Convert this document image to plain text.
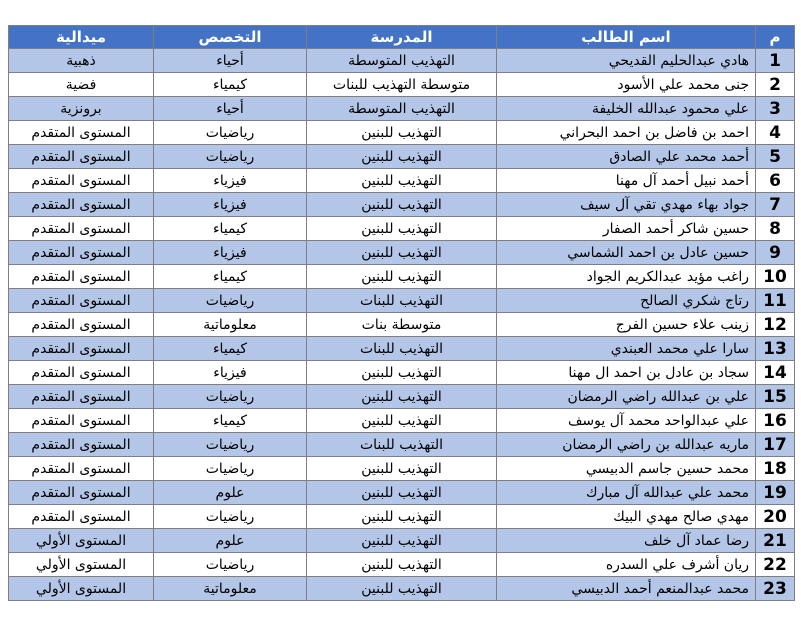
م	اسم الطالب	المدرسة	التخصص	ميدالية
1	هادي عبدالحليم القديحي	التهذيب المتوسطة	أحياء	ذهبية
2	جنى محمد علي الأسود	متوسطة التهذيب للبنات	كيمياء	فضية
3	علي محمود عبدالله الخليفة	التهذيب المتوسطة	أحياء	برونزية
4	احمد بن فاضل بن احمد البحراني	التهذيب للبنين	رياضيات	المستوى المتقدم
5	أحمد محمد علي الصادق	التهذيب للبنين	رياضيات	المستوى المتقدم
6	أحمد نبيل أحمد آل مهنا	التهذيب للبنين	فيزياء	المستوى المتقدم
7	جواد بهاء مهدي تقي آل سيف	التهذيب للبنين	فيزياء	المستوى المتقدم
8	حسين شاكر أحمد الصفار	التهذيب للبنين	كيمياء	المستوى المتقدم
9	حسين عادل بن احمد الشماسي	التهذيب للبنين	فيزياء	المستوى المتقدم
10	راغب مؤيد عبدالكريم الجواد	التهذيب للبنين	كيمياء	المستوى المتقدم
11	رتاج شكري الصالح	التهذيب للبنات	رياضيات	المستوى المتقدم
12	زينب علاء حسين الفرج	متوسطة بنات	معلوماتية	المستوى المتقدم
13	سارا علي محمد العبندي	التهذيب للبنات	كيمياء	المستوى المتقدم
14	سجاد بن عادل بن احمد ال مهنا	التهذيب للبنين	فيزياء	المستوى المتقدم
15	علي بن عبدالله راضي الرمضان	التهذيب للبنين	رياضيات	المستوى المتقدم
16	علي عبدالواحد محمد آل يوسف	التهذيب للبنين	كيمياء	المستوى المتقدم
17	ماريه عبدالله بن راضي الرمضان	التهذيب للبنات	رياضيات	المستوى المتقدم
18	محمد حسين جاسم الدبيسي	التهذيب للبنين	رياضيات	المستوى المتقدم
19	محمد علي عبدالله آل مبارك	التهذيب للبنين	علوم	المستوى المتقدم
20	مهدي صالح مهدي البيك	التهذيب للبنين	رياضيات	المستوى المتقدم
21	رضا عماد آل خلف	التهذيب للبنين	علوم	المستوى الأولي
22	ريان أشرف علي السدره	التهذيب للبنين	رياضيات	المستوى الأولي
23	محمد عبدالمنعم أحمد الدبيسي	التهذيب للبنين	معلوماتية	المستوى الأولي
